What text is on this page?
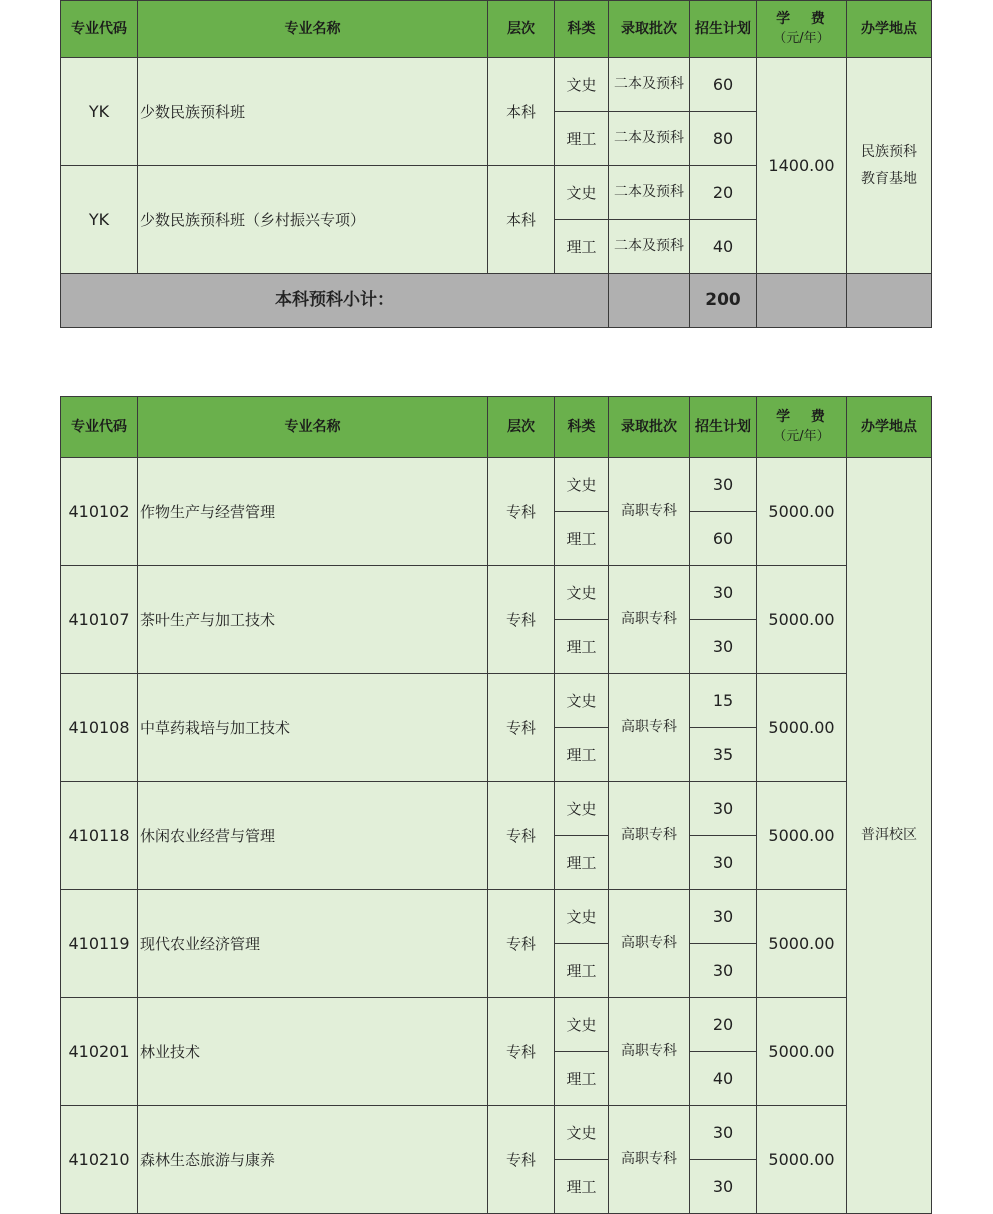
专业代码	专业名称	层次	科类	录取批次	招生计划	学 费
（元/年）	办学地点
YK	少数民族预科班	本科	文史	二本及预科	60	1400.00	民族预科
教育基地
			理工	二本及预科	80		
YK	少数民族预科班（乡村振兴专项）	本科	文史	二本及预科	20		
			理工	二本及预科	40		
本科预科小计：					200		
专业代码	专业名称	层次	科类	录取批次	招生计划	学 费
（元/年）	办学地点
410102	作物生产与经营管理	专科	文史	高职专科	30	5000.00	普洱校区
			理工		60		
410107	茶叶生产与加工技术	专科	文史	高职专科	30	5000.00	
			理工		30		
410108	中草药栽培与加工技术	专科	文史	高职专科	15	5000.00	
			理工		35		
410118	休闲农业经营与管理	专科	文史	高职专科	30	5000.00	
			理工		30		
410119	现代农业经济管理	专科	文史	高职专科	30	5000.00	
			理工		30		
410201	林业技术	专科	文史	高职专科	20	5000.00	
			理工		40		
410210	森林生态旅游与康养	专科	文史	高职专科	30	5000.00	
			理工		30		
